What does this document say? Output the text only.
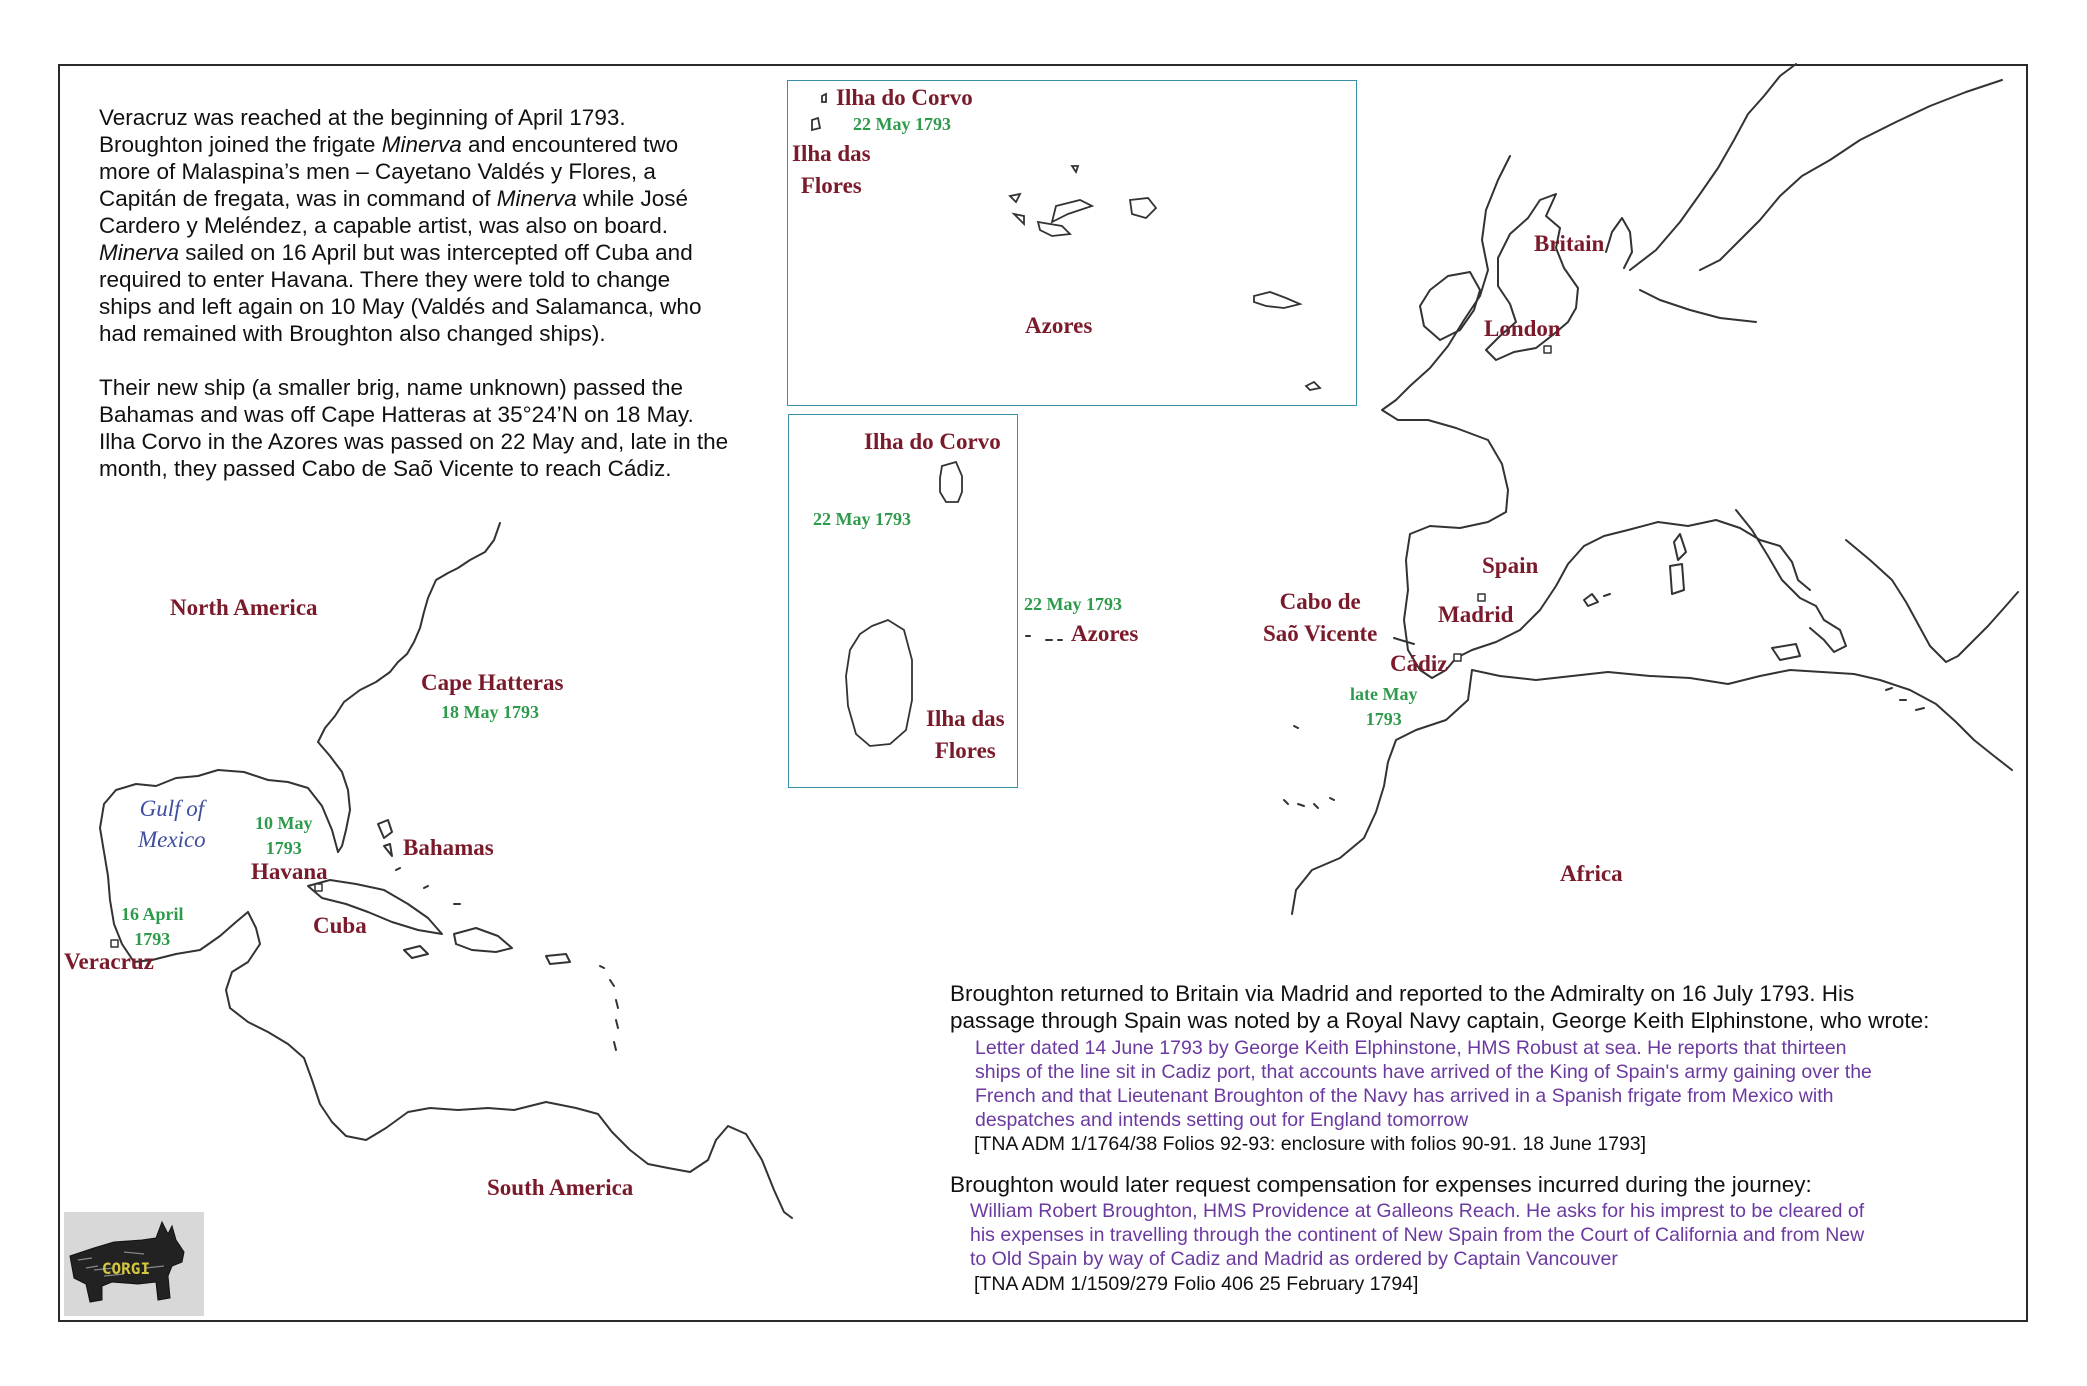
Veracruz was reached at the beginning of April 1793.
Broughton joined the frigate Minerva and encountered two
more of Malaspina’s men – Cayetano Valdés y Flores, a
Capitán de fregata, was in command of Minerva while José
Cardero y Meléndez, a capable artist, was also on board.
Minerva sailed on 16 April but was intercepted off Cuba and
required to enter Havana. There they were told to change
ships and left again on 10 May (Valdés and Salamanca, who
had remained with Broughton also changed ships).

Their new ship (a smaller brig, name unknown) passed the
Bahamas and was off Cape Hatteras at 35°24’N on 18 May.
Ilha Corvo in the Azores was passed on 22 May and, late in the
month, they passed Cabo de Saõ Vicente to reach Cádiz.

Broughton returned to Britain via Madrid and reported to the Admiralty on 16 July 1793. His
passage through Spain was noted by a Royal Navy captain, George Keith Elphinstone, who wrote:
Letter dated 14 June 1793 by George Keith Elphinstone, HMS Robust at sea. He reports that thirteen
ships of the line sit in Cadiz port, that accounts have arrived of the King of Spain's army gaining over the
French and that Lieutenant Broughton of the Navy has arrived in a Spanish frigate from Mexico with
despatches and intends setting out for England tomorrow
[TNA ADM 1/1764/38 Folios 92-93: enclosure with folios 90-91. 18 June 1793]
Broughton would later request compensation for expenses incurred during the journey:
William Robert Broughton, HMS Providence at Galleons Reach. He asks for his imprest to be cleared of
his expenses in travelling through the continent of New Spain from the Court of California and from New
to Old Spain by way of Cadiz and Madrid as ordered by Captain Vancouver
[TNA ADM 1/1509/279 Folio 406 25 February 1794]
North America
South America
Cape Hatteras
18 May 1793
Bahamas
Havana
10 May
1793
Cuba
Veracruz
16 April
1793
Gulf of
Mexico
22 May 1793
Azores
Britain
London
Spain
Madrid
Cabo de
Saõ Vicente
Cádiz
late May
1793
Africa
Ilha do Corvo
22 May 1793
Ilha das
Flores
Azores
Ilha do Corvo
22 May 1793
Ilha das
Flores
CORGI
